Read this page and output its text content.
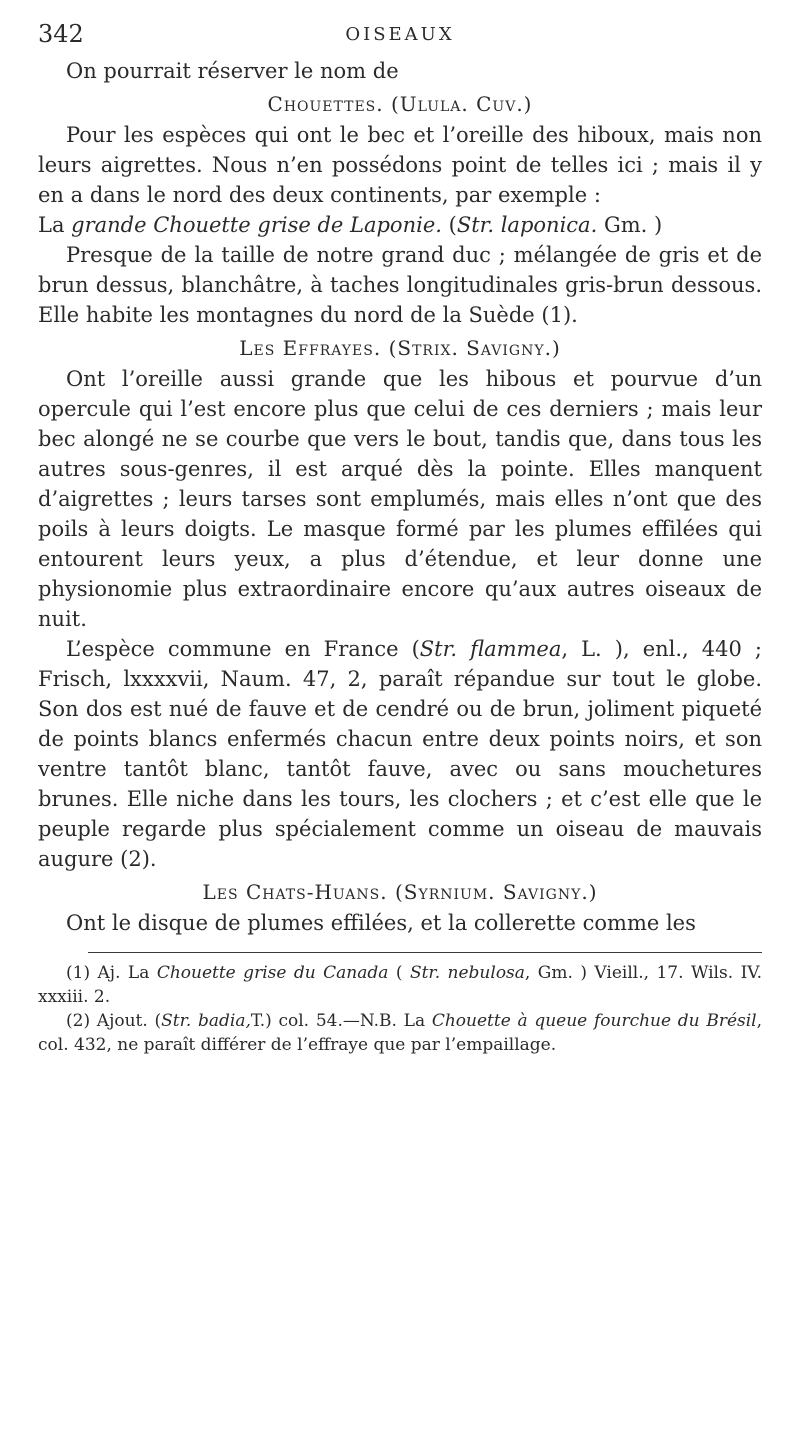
342	OISEAUX

On pourrait réserver le nom de

Chouettes. (Ulula. Cuv.)

Pour les espèces qui ont le bec et l’oreille des hiboux, mais non leurs aigrettes. Nous n’en possédons point de telles ici ; mais il y en a dans le nord des deux continents, par exemple :

La grande Chouette grise de Laponie. (Str. laponica. Gm. )

Presque de la taille de notre grand duc ; mélangée de gris et de brun dessus, blanchâtre, à taches longitudinales gris-brun dessous. Elle habite les montagnes du nord de la Suède (1).

Les Effrayes. (Strix. Savigny.)

Ont l’oreille aussi grande que les hibous et pourvue d’un opercule qui l’est encore plus que celui de ces derniers ; mais leur bec alongé ne se courbe que vers le bout, tandis que, dans tous les autres sous-genres, il est arqué dès la pointe. Elles manquent d’aigrettes ; leurs tarses sont emplumés, mais elles n’ont que des poils à leurs doigts. Le masque formé par les plumes effilées qui entourent leurs yeux, a plus d’étendue, et leur donne une physionomie plus extraordinaire encore qu’aux autres oiseaux de nuit.

L’espèce commune en France (Str. flammea, L. ), enl., 440 ; Frisch, lxxxxvii, Naum. 47, 2, paraît répandue sur tout le globe. Son dos est nué de fauve et de cendré ou de brun, joliment piqueté de points blancs enfermés chacun entre deux points noirs, et son ventre tantôt blanc, tantôt fauve, avec ou sans mouchetures brunes. Elle niche dans les tours, les clochers ; et c’est elle que le peuple regarde plus spécialement comme un oiseau de mauvais augure (2).

Les Chats-Huans. (Syrnium. Savigny.)

Ont le disque de plumes effilées, et la collerette comme les

(1) Aj. La Chouette grise du Canada ( Str. nebulosa, Gm. ) Vieill., 17. Wils. IV. xxxiii. 2.

(2) Ajout. (Str. badia,T.) col. 54.—N.B. La Chouette à queue fourchue du Brésil, col. 432, ne paraît différer de l’effraye que par l’empaillage.
